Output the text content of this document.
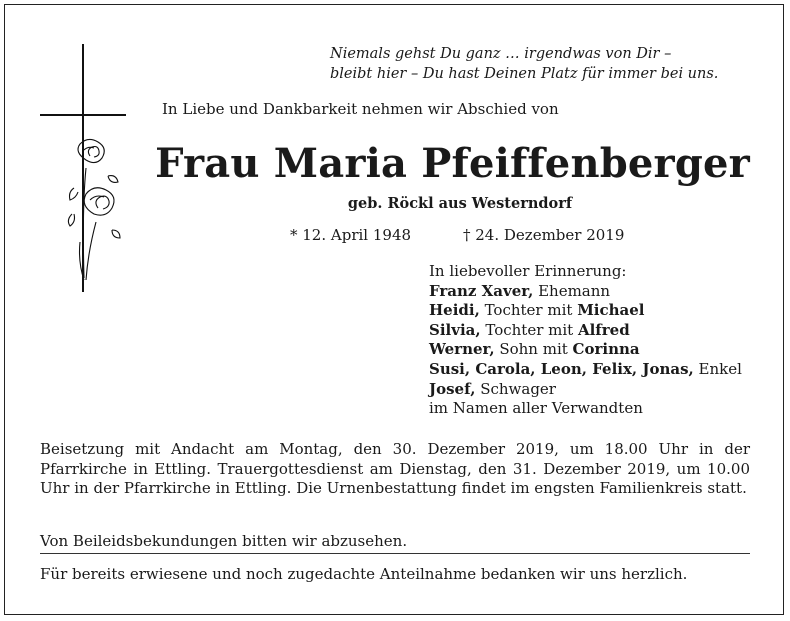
Niemals gehst Du ganz … irgendwas von Dir –
bleibt hier – Du hast Deinen Platz für immer bei uns.
In Liebe und Dankbarkeit nehmen wir Abschied von
Frau Maria Pfeiffenberger
geb. Röckl aus Westerndorf
* 12. April 1948	† 24. Dezember 2019
In liebevoller Erinnerung:
Franz Xaver, Ehemann
Heidi, Tochter mit Michael
Silvia, Tochter mit Alfred
Werner, Sohn mit Corinna
Susi, Carola, Leon, Felix, Jonas, Enkel
Josef, Schwager
im Namen aller Verwandten
Beisetzung mit Andacht am Montag, den 30. Dezember 2019, um 18.00 Uhr in der Pfarrkirche in Ettling. Trauergottesdienst am Dienstag, den 31. Dezember 2019, um 10.00 Uhr in der Pfarrkirche in Ettling. Die Urnenbestattung findet im engsten Familienkreis statt.
Von Beileidsbekundungen bitten wir abzusehen.
Für bereits erwiesene und noch zugedachte Anteilnahme bedanken wir uns herzlich.
